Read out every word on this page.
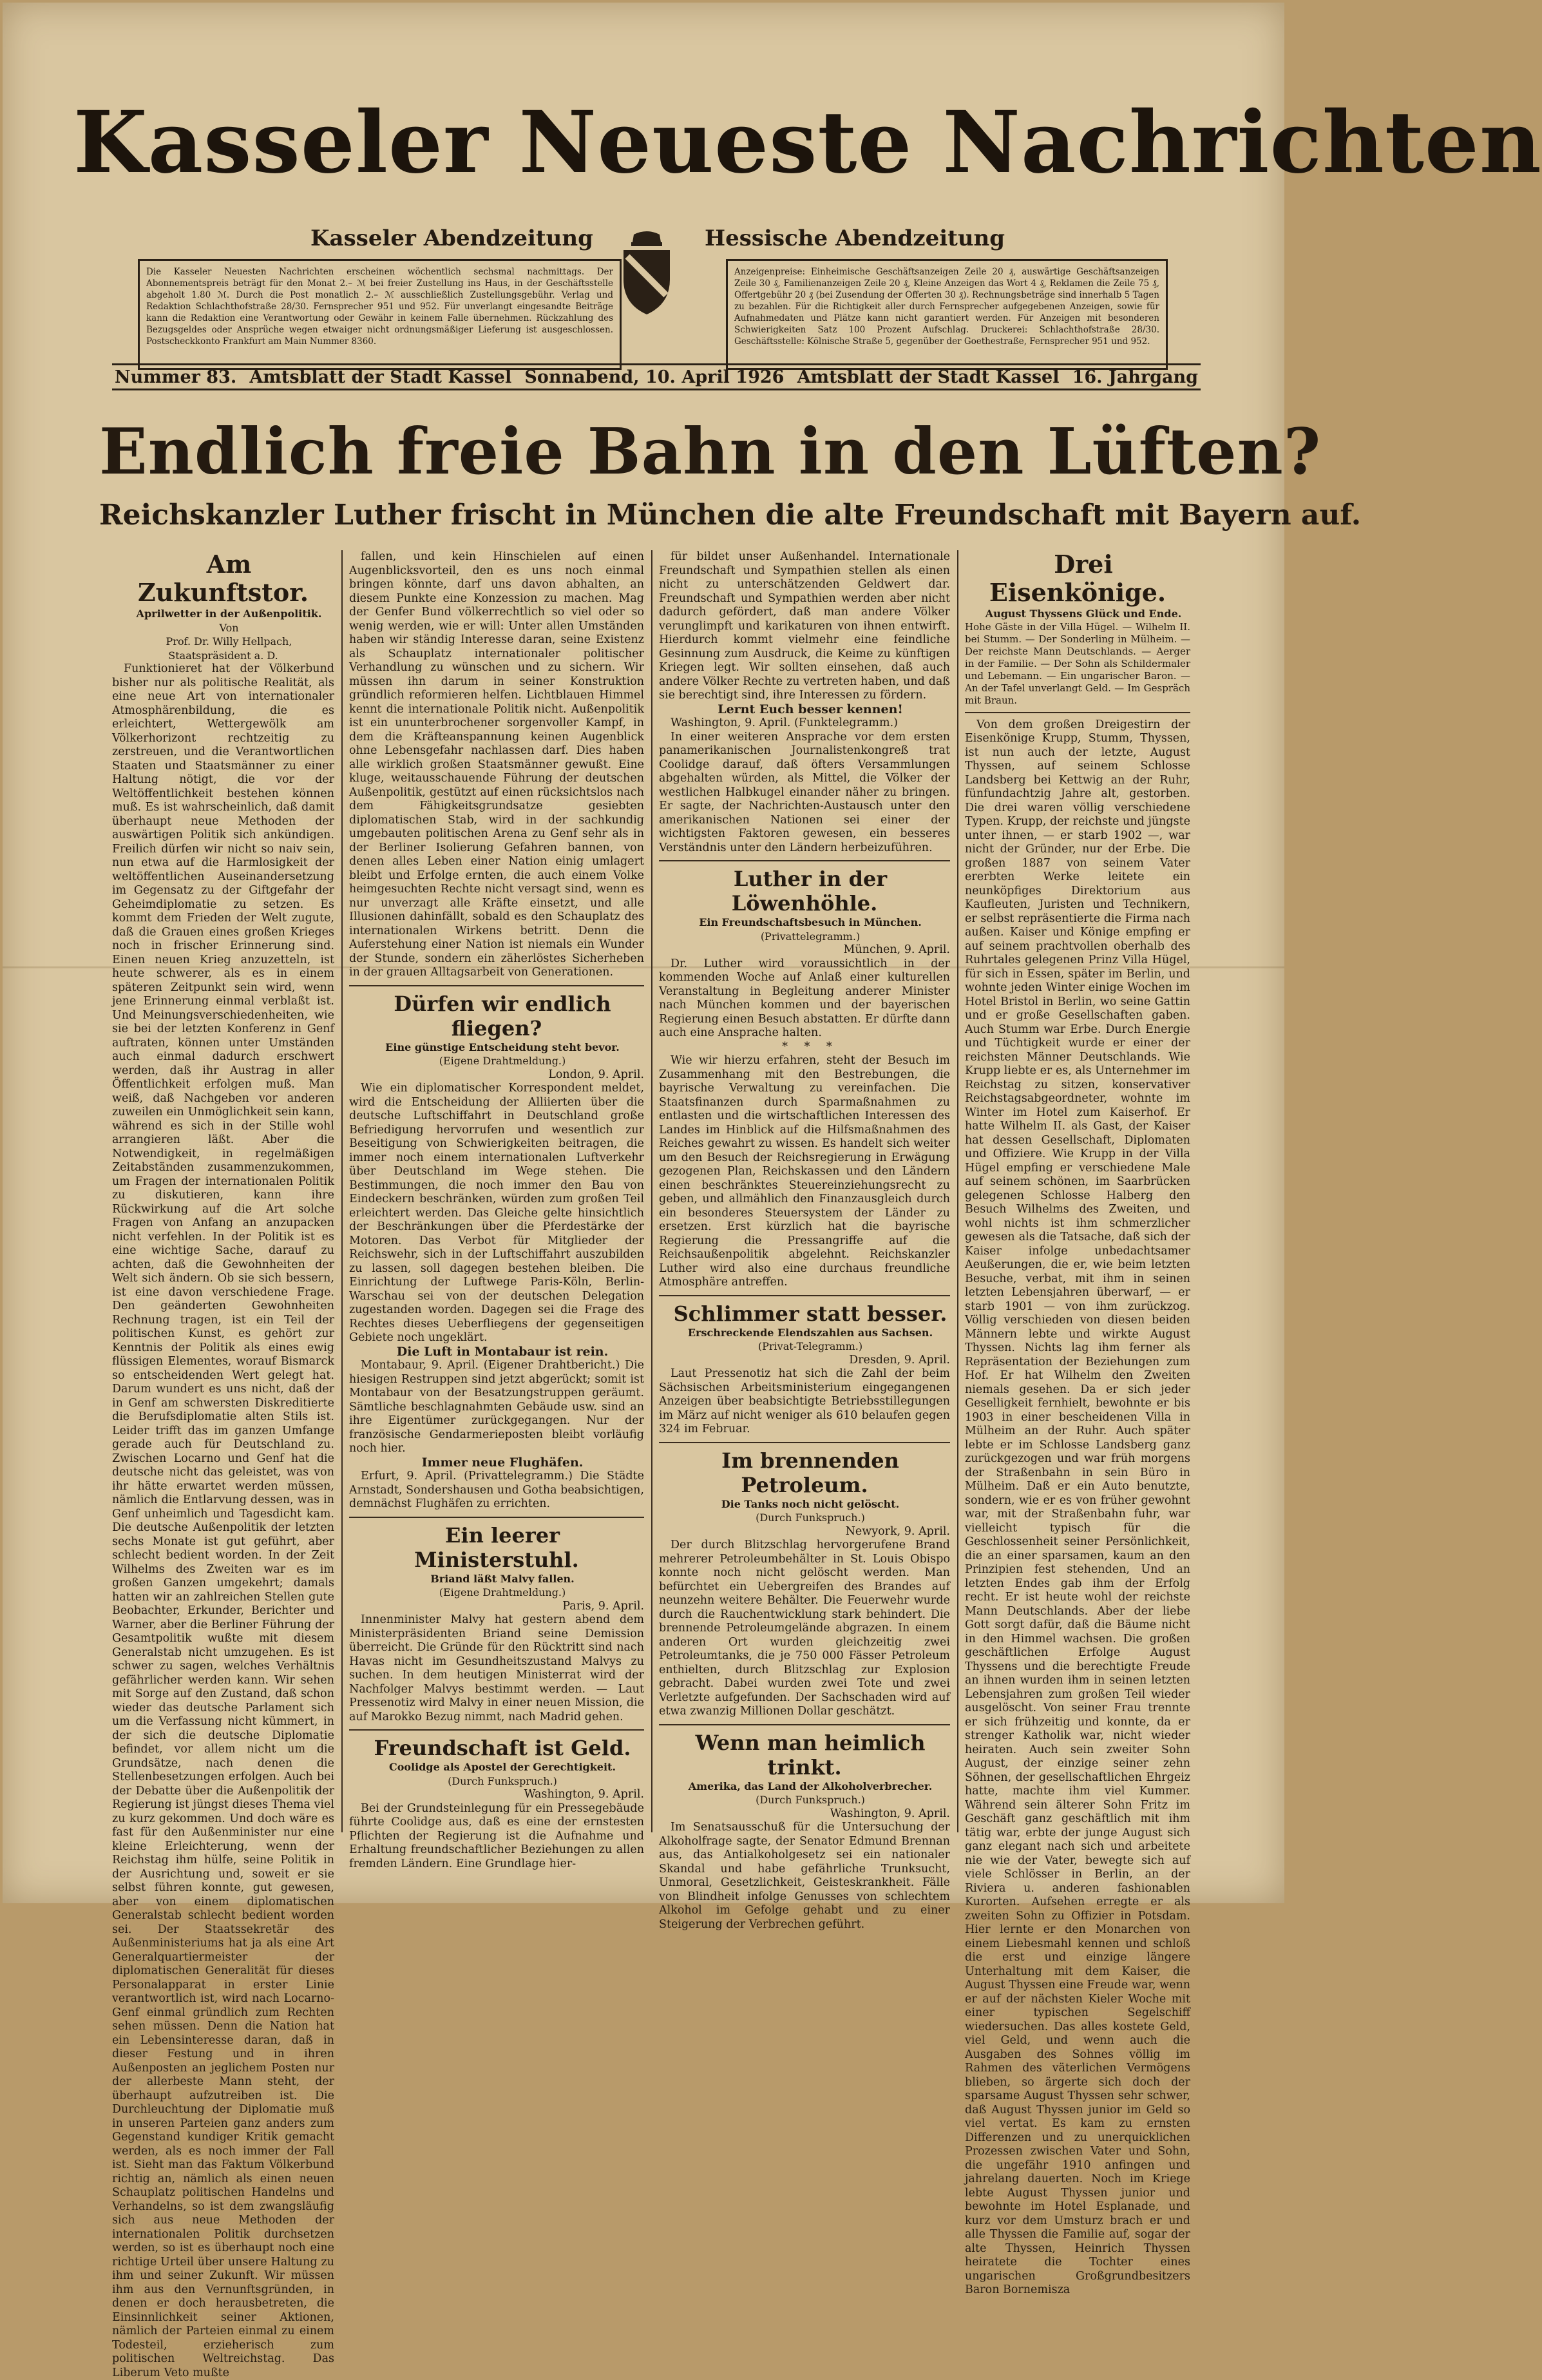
Kasseler Neueste Nachrichten
Kasseler Abendzeitung	Hessische Abendzeitung
Die Kasseler Neuesten Nachrichten erscheinen wöchentlich sechsmal nachmittags. Der Abonnementspreis beträgt für den Monat 2.– ℳ bei freier Zustellung ins Haus, in der Geschäftsstelle abgeholt 1.80 ℳ. Durch die Post monatlich 2.– ℳ ausschließlich Zustellungsgebühr. Verlag und Redaktion Schlachthofstraße 28/30. Fernsprecher 951 und 952. Für unverlangt eingesandte Beiträge kann die Redaktion eine Verantwortung oder Gewähr in keinem Falle übernehmen. Rückzahlung des Bezugsgeldes oder Ansprüche wegen etwaiger nicht ordnungsmäßiger Lieferung ist ausgeschlossen. Postscheckkonto Frankfurt am Main Nummer 8360.
Anzeigenpreise: Einheimische Geschäftsanzeigen Zeile 20 ₰, auswärtige Geschäftsanzeigen Zeile 30 ₰, Familienanzeigen Zeile 20 ₰, Kleine Anzeigen das Wort 4 ₰, Reklamen die Zeile 75 ₰, Offertgebühr 20 ₰ (bei Zusendung der Offerten 30 ₰). Rechnungsbeträge sind innerhalb 5 Tagen zu bezahlen. Für die Richtigkeit aller durch Fernsprecher aufgegebenen Anzeigen, sowie für Aufnahmedaten und Plätze kann nicht garantiert werden. Für Anzeigen mit besonderen Schwierigkeiten Satz 100 Prozent Aufschlag. Druckerei: Schlachthofstraße 28/30. Geschäftsstelle: Kölnische Straße 5, gegenüber der Goethestraße, Fernsprecher 951 und 952.
Nummer 83. Amtsblatt der Stadt Kassel Sonnabend, 10. April 1926 Amtsblatt der Stadt Kassel 16. Jahrgang
Endlich freie Bahn in den Lüften?
Reichskanzler Luther frischt in München die alte Freundschaft mit Bayern auf.

Am Zukunftstor.

Aprilwetter in der Außenpolitik.

Von

Prof. Dr. Willy Hellpach, Staatspräsident a. D.

Funktionieret hat der Völkerbund bisher nur als politische Realität, als eine neue Art von internationaler Atmosphärenbildung, die es erleichtert, Wettergewölk am Völkerhorizont rechtzeitig zu zerstreuen, und die Verantwortlichen Staaten und Staatsmänner zu einer Haltung nötigt, die vor der Weltöffentlichkeit bestehen können muß. Es ist wahrscheinlich, daß damit überhaupt neue Methoden der auswärtigen Politik sich ankündigen. Freilich dürfen wir nicht so naiv sein, nun etwa auf die Harmlosigkeit der weltöffentlichen Auseinandersetzung im Gegensatz zu der Giftgefahr der Geheimdiplomatie zu setzen. Es kommt dem Frieden der Welt zugute, daß die Grauen eines großen Krieges noch in frischer Erinnerung sind. Einen neuen Krieg anzuzetteln, ist heute schwerer, als es in einem späteren Zeitpunkt sein wird, wenn jene Erinnerung einmal verblaßt ist. Und Meinungsverschiedenheiten, wie sie bei der letzten Konferenz in Genf auftraten, können unter Umständen auch einmal dadurch erschwert werden, daß ihr Austrag in aller Öffentlichkeit erfolgen muß. Man weiß, daß Nachgeben vor anderen zuweilen ein Unmöglichkeit sein kann, während es sich in der Stille wohl arrangieren läßt. Aber die Notwendigkeit, in regelmäßigen Zeitabständen zusammenzukommen, um Fragen der internationalen Politik zu diskutieren, kann ihre Rückwirkung auf die Art solche Fragen von Anfang an anzupacken nicht verfehlen. In der Politik ist es eine wichtige Sache, darauf zu achten, daß die Gewohnheiten der Welt sich ändern. Ob sie sich bessern, ist eine davon verschiedene Frage. Den geänderten Gewohnheiten Rechnung tragen, ist ein Teil der politischen Kunst, es gehört zur Kenntnis der Politik als eines ewig flüssigen Elementes, worauf Bismarck so entscheidenden Wert gelegt hat. Darum wundert es uns nicht, daß der in Genf am schwersten Diskreditierte die Berufsdiplomatie alten Stils ist. Leider trifft das im ganzen Umfange gerade auch für Deutschland zu. Zwischen Locarno und Genf hat die deutsche nicht das geleistet, was von ihr hätte erwartet werden müssen, nämlich die Entlarvung dessen, was in Genf unheimlich und Tagesdicht kam. Die deutsche Außenpolitik der letzten sechs Monate ist gut geführt, aber schlecht bedient worden. In der Zeit Wilhelms des Zweiten war es im großen Ganzen umgekehrt; damals hatten wir an zahlreichen Stellen gute Beobachter, Erkunder, Berichter und Warner, aber die Berliner Führung der Gesamtpolitik wußte mit diesem Generalstab nicht umzugehen. Es ist schwer zu sagen, welches Verhältnis gefährlicher werden kann. Wir sehen mit Sorge auf den Zustand, daß schon wieder das deutsche Parlament sich um die Verfassung nicht kümmert, in der sich die deutsche Diplomatie befindet, vor allem nicht um die Grundsätze, nach denen die Stellenbesetzungen erfolgen. Auch bei der Debatte über die Außenpolitik der Regierung ist jüngst dieses Thema viel zu kurz gekommen. Und doch wäre es fast für den Außenminister nur eine kleine Erleichterung, wenn der Reichstag ihm hülfe, seine Politik in der Ausrichtung und, soweit er sie selbst führen konnte, gut gewesen, aber von einem diplomatischen Generalstab schlecht bedient worden sei. Der Staatssekretär des Außenministeriums hat ja als eine Art Generalquartiermeister der diplomatischen Generalität für dieses Personalapparat in erster Linie verantwortlich ist, wird nach Locarno-Genf einmal gründlich zum Rechten sehen müssen. Denn die Nation hat ein Lebensinteresse daran, daß in dieser Festung und in ihren Außenposten an jeglichem Posten nur der allerbeste Mann steht, der überhaupt aufzutreiben ist. Die Durchleuchtung der Diplomatie muß in unseren Parteien ganz anders zum Gegenstand kundiger Kritik gemacht werden, als es noch immer der Fall ist. Sieht man das Faktum Völkerbund richtig an, nämlich als einen neuen Schauplatz politischen Handelns und Verhandelns, so ist dem zwangsläufig sich aus neue Methoden der internationalen Politik durchsetzen werden, so ist es überhaupt noch eine richtige Urteil über unsere Haltung zu ihm und seiner Zukunft. Wir müssen ihm aus den Vernunftsgründen, in denen er doch herausbetreten, die Einsinnlichkeit seiner Aktionen, nämlich der Parteien einmal zu einem Todesteil, erzieherisch zum politischen Weltreichstag. Das Liberum Veto mußte

fallen, und kein Hinschielen auf einen Augenblicksvorteil, den es uns noch einmal bringen könnte, darf uns davon abhalten, an diesem Punkte eine Konzession zu machen. Mag der Genfer Bund völkerrechtlich so viel oder so wenig werden, wie er will: Unter allen Umständen haben wir ständig Interesse daran, seine Existenz als Schauplatz internationaler politischer Verhandlung zu wünschen und zu sichern. Wir müssen ihn darum in seiner Konstruktion gründlich reformieren helfen. Lichtblauen Himmel kennt die internationale Politik nicht. Außenpolitik ist ein ununterbrochener sorgenvoller Kampf, in dem die Kräfteanspannung keinen Augenblick ohne Lebensgefahr nachlassen darf. Dies haben alle wirklich großen Staatsmänner gewußt. Eine kluge, weitausschauende Führung der deutschen Außenpolitik, gestützt auf einen rücksichtslos nach dem Fähigkeitsgrundsatze gesiebten diplomatischen Stab, wird in der sachkundig umgebauten politischen Arena zu Genf sehr als in der Berliner Isolierung Gefahren bannen, von denen alles Leben einer Nation einig umlagert bleibt und Erfolge ernten, die auch einem Volke heimgesuchten Rechte nicht versagt sind, wenn es nur unverzagt alle Kräfte einsetzt, und alle Illusionen dahinfällt, sobald es den Schauplatz des internationalen Wirkens betritt. Denn die Auferstehung einer Nation ist niemals ein Wunder der Stunde, sondern ein zäherlöstes Sicherheben in der grauen Alltagsarbeit von Generationen.

Dürfen wir endlich fliegen?

Eine günstige Entscheidung steht bevor.

(Eigene Drahtmeldung.)

London, 9. April.

Wie ein diplomatischer Korrespondent meldet, wird die Entscheidung der Alliierten über die deutsche Luftschiffahrt in Deutschland große Befriedigung hervorrufen und wesentlich zur Beseitigung von Schwierigkeiten beitragen, die immer noch einem internationalen Luftverkehr über Deutschland im Wege stehen. Die Bestimmungen, die noch immer den Bau von Eindeckern beschränken, würden zum großen Teil erleichtert werden. Das Gleiche gelte hinsichtlich der Beschränkungen über die Pferdestärke der Motoren. Das Verbot für Mitglieder der Reichswehr, sich in der Luftschiffahrt auszubilden zu lassen, soll dagegen bestehen bleiben. Die Einrichtung der Luftwege Paris-Köln, Berlin-Warschau sei von der deutschen Delegation zugestanden worden. Dagegen sei die Frage des Rechtes dieses Ueberfliegens der gegenseitigen Gebiete noch ungeklärt.

Die Luft in Montabaur ist rein.

Montabaur, 9. April. (Eigener Drahtbericht.) Die hiesigen Restruppen sind jetzt abgerückt; somit ist Montabaur von der Besatzungstruppen geräumt. Sämtliche beschlagnahmten Gebäude usw. sind an ihre Eigentümer zurückgegangen. Nur der französische Gendarmerieposten bleibt vorläufig noch hier.

Immer neue Flughäfen.

Erfurt, 9. April. (Privattelegramm.) Die Städte Arnstadt, Sondershausen und Gotha beabsichtigen, demnächst Flughäfen zu errichten.

Ein leerer Ministerstuhl.

Briand läßt Malvy fallen.

(Eigene Drahtmeldung.)

Paris, 9. April.

Innenminister Malvy hat gestern abend dem Ministerpräsidenten Briand seine Demission überreicht. Die Gründe für den Rücktritt sind nach Havas nicht im Gesundheitszustand Malvys zu suchen. In dem heutigen Ministerrat wird der Nachfolger Malvys bestimmt werden. — Laut Pressenotiz wird Malvy in einer neuen Mission, die auf Marokko Bezug nimmt, nach Madrid gehen.

Freundschaft ist Geld.

Coolidge als Apostel der Gerechtigkeit.

(Durch Funkspruch.)

Washington, 9. April.

Bei der Grundsteinlegung für ein Pressegebäude führte Coolidge aus, daß es eine der ernstesten Pflichten der Regierung ist die Aufnahme und Erhaltung freundschaftlicher Beziehungen zu allen fremden Ländern. Eine Grundlage hier-

für bildet unser Außenhandel. Internationale Freundschaft und Sympathien stellen als einen nicht zu unterschätzenden Geldwert dar. Freundschaft und Sympathien werden aber nicht dadurch gefördert, daß man andere Völker verunglimpft und karikaturen von ihnen entwirft. Hierdurch kommt vielmehr eine feindliche Gesinnung zum Ausdruck, die Keime zu künftigen Kriegen legt. Wir sollten einsehen, daß auch andere Völker Rechte zu vertreten haben, und daß sie berechtigt sind, ihre Interessen zu fördern.

Lernt Euch besser kennen!

Washington, 9. April. (Funktelegramm.)

In einer weiteren Ansprache vor dem ersten panamerikanischen Journalistenkongreß trat Coolidge darauf, daß öfters Versammlungen abgehalten würden, als Mittel, die Völker der westlichen Halbkugel einander näher zu bringen. Er sagte, der Nachrichten-Austausch unter den amerikanischen Nationen sei einer der wichtigsten Faktoren gewesen, ein besseres Verständnis unter den Ländern herbeizuführen.

Luther in der Löwenhöhle.

Ein Freundschaftsbesuch in München.

(Privattelegramm.)

München, 9. April.

Dr. Luther wird voraussichtlich in der kommenden Woche auf Anlaß einer kulturellen Veranstaltung in Begleitung anderer Minister nach München kommen und der bayerischen Regierung einen Besuch abstatten. Er dürfte dann auch eine Ansprache halten.

* * *

Wie wir hierzu erfahren, steht der Besuch im Zusammenhang mit den Bestrebungen, die bayrische Verwaltung zu vereinfachen. Die Staatsfinanzen durch Sparmaßnahmen zu entlasten und die wirtschaftlichen Interessen des Landes im Hinblick auf die Hilfsmaßnahmen des Reiches gewahrt zu wissen. Es handelt sich weiter um den Besuch der Reichsregierung in Erwägung gezogenen Plan, Reichskassen und den Ländern einen beschränktes Steuereinziehungsrecht zu geben, und allmählich den Finanzausgleich durch ein besonderes Steuersystem der Länder zu ersetzen. Erst kürzlich hat die bayrische Regierung die Pressangriffe auf die Reichsaußenpolitik abgelehnt. Reichskanzler Luther wird also eine durchaus freundliche Atmosphäre antreffen.

Schlimmer statt besser.

Erschreckende Elendszahlen aus Sachsen.

(Privat-Telegramm.)

Dresden, 9. April.

Laut Pressenotiz hat sich die Zahl der beim Sächsischen Arbeitsministerium eingegangenen Anzeigen über beabsichtigte Betriebsstillegungen im März auf nicht weniger als 610 belaufen gegen 324 im Februar.

Im brennenden Petroleum.

Die Tanks noch nicht gelöscht.

(Durch Funkspruch.)

Newyork, 9. April.

Der durch Blitzschlag hervorgerufene Brand mehrerer Petroleumbehälter in St. Louis Obispo konnte noch nicht gelöscht werden. Man befürchtet ein Uebergreifen des Brandes auf neunzehn weitere Behälter. Die Feuerwehr wurde durch die Rauchentwicklung stark behindert. Die brennende Petroleumgelände abgrazen. In einem anderen Ort wurden gleichzeitig zwei Petroleumtanks, die je 750 000 Fässer Petroleum enthielten, durch Blitzschlag zur Explosion gebracht. Dabei wurden zwei Tote und zwei Verletzte aufgefunden. Der Sachschaden wird auf etwa zwanzig Millionen Dollar geschätzt.

Wenn man heimlich trinkt.

Amerika, das Land der Alkoholverbrecher.

(Durch Funkspruch.)

Washington, 9. April.

Im Senatsausschuß für die Untersuchung der Alkoholfrage sagte, der Senator Edmund Brennan aus, das Antialkoholgesetz sei ein nationaler Skandal und habe gefährliche Trunksucht, Unmoral, Gesetzlichkeit, Geisteskrankheit. Fälle von Blindheit infolge Genusses von schlechtem Alkohol im Gefolge gehabt und zu einer Steigerung der Verbrechen geführt.

Drei Eisenkönige.

August Thyssens Glück und Ende.

Hohe Gäste in der Villa Hügel. — Wilhelm II. bei Stumm. — Der Sonderling in Mülheim. — Der reichste Mann Deutschlands. — Aerger in der Familie. — Der Sohn als Schildermaler und Lebemann. — Ein ungarischer Baron. — An der Tafel unverlangt Geld. — Im Gespräch mit Braun.

Von dem großen Dreigestirn der Eisenkönige Krupp, Stumm, Thyssen, ist nun auch der letzte, August Thyssen, auf seinem Schlosse Landsberg bei Kettwig an der Ruhr, fünfundachtzig Jahre alt, gestorben. Die drei waren völlig verschiedene Typen. Krupp, der reichste und jüngste unter ihnen, — er starb 1902 —, war nicht der Gründer, nur der Erbe. Die großen 1887 von seinem Vater ererbten Werke leitete ein neunköpfiges Direktorium aus Kaufleuten, Juristen und Technikern, er selbst repräsentierte die Firma nach außen. Kaiser und Könige empfing er auf seinem prachtvollen oberhalb des Ruhrtales gelegenen Prinz Villa Hügel, für sich in Essen, später im Berlin, und wohnte jeden Winter einige Wochen im Hotel Bristol in Berlin, wo seine Gattin und er große Gesellschaften gaben. Auch Stumm war Erbe. Durch Energie und Tüchtigkeit wurde er einer der reichsten Männer Deutschlands. Wie Krupp liebte er es, als Unternehmer im Reichstag zu sitzen, konservativer Reichstagsabgeordneter, wohnte im Winter im Hotel zum Kaiserhof. Er hatte Wilhelm II. als Gast, der Kaiser hat dessen Gesellschaft, Diplomaten und Offiziere. Wie Krupp in der Villa Hügel empfing er verschiedene Male auf seinem schönen, im Saarbrücken gelegenen Schlosse Halberg den Besuch Wilhelms des Zweiten, und wohl nichts ist ihm schmerzlicher gewesen als die Tatsache, daß sich der Kaiser infolge unbedachtsamer Aeußerungen, die er, wie beim letzten Besuche, verbat, mit ihm in seinen letzten Lebensjahren überwarf, — er starb 1901 — von ihm zurückzog. Völlig verschieden von diesen beiden Männern lebte und wirkte August Thyssen. Nichts lag ihm ferner als Repräsentation der Beziehungen zum Hof. Er hat Wilhelm den Zweiten niemals gesehen. Da er sich jeder Geselligkeit fernhielt, bewohnte er bis 1903 in einer bescheidenen Villa in Mülheim an der Ruhr. Auch später lebte er im Schlosse Landsberg ganz zurückgezogen und war früh morgens der Straßenbahn in sein Büro in Mülheim. Daß er ein Auto benutzte, sondern, wie er es von früher gewohnt war, mit der Straßenbahn fuhr, war vielleicht typisch für die Geschlossenheit seiner Persönlichkeit, die an einer sparsamen, kaum an den Prinzipien fest stehenden, Und an letzten Endes gab ihm der Erfolg recht. Er ist heute wohl der reichste Mann Deutschlands. Aber der liebe Gott sorgt dafür, daß die Bäume nicht in den Himmel wachsen. Die großen geschäftlichen Erfolge August Thyssens und die berechtigte Freude an ihnen wurden ihm in seinen letzten Lebensjahren zum großen Teil wieder ausgelöscht. Von seiner Frau trennte er sich frühzeitig und konnte, da er strenger Katholik war, nicht wieder heiraten. Auch sein zweiter Sohn August, der einzige seiner zehn Söhnen, der gesellschaftlichen Ehrgeiz hatte, machte ihm viel Kummer. Während sein älterer Sohn Fritz im Geschäft ganz geschäftlich mit ihm tätig war, erbte der junge August sich ganz elegant nach sich und arbeitete nie wie der Vater, bewegte sich auf viele Schlösser in Berlin, an der Riviera u. anderen fashionablen Kurorten. Aufsehen erregte er als zweiten Sohn zu Offizier in Potsdam. Hier lernte er den Monarchen von einem Liebesmahl kennen und schloß die erst und einzige längere Unterhaltung mit dem Kaiser, die August Thyssen eine Freude war, wenn er auf der nächsten Kieler Woche mit einer typischen Segelschiff wiedersuchen. Das alles kostete Geld, viel Geld, und wenn auch die Ausgaben des Sohnes völlig im Rahmen des väterlichen Vermögens blieben, so ärgerte sich doch der sparsame August Thyssen sehr schwer, daß August Thyssen junior im Geld so viel vertat. Es kam zu ernsten Differenzen und zu unerquicklichen Prozessen zwischen Vater und Sohn, die ungefähr 1910 anfingen und jahrelang dauerten. Noch im Kriege lebte August Thyssen junior und bewohnte im Hotel Esplanade, und kurz vor dem Umsturz brach er und alle Thyssen die Familie auf, sogar der alte Thyssen, Heinrich Thyssen heiratete die Tochter eines ungarischen Großgrundbesitzers Baron Bornemisza
